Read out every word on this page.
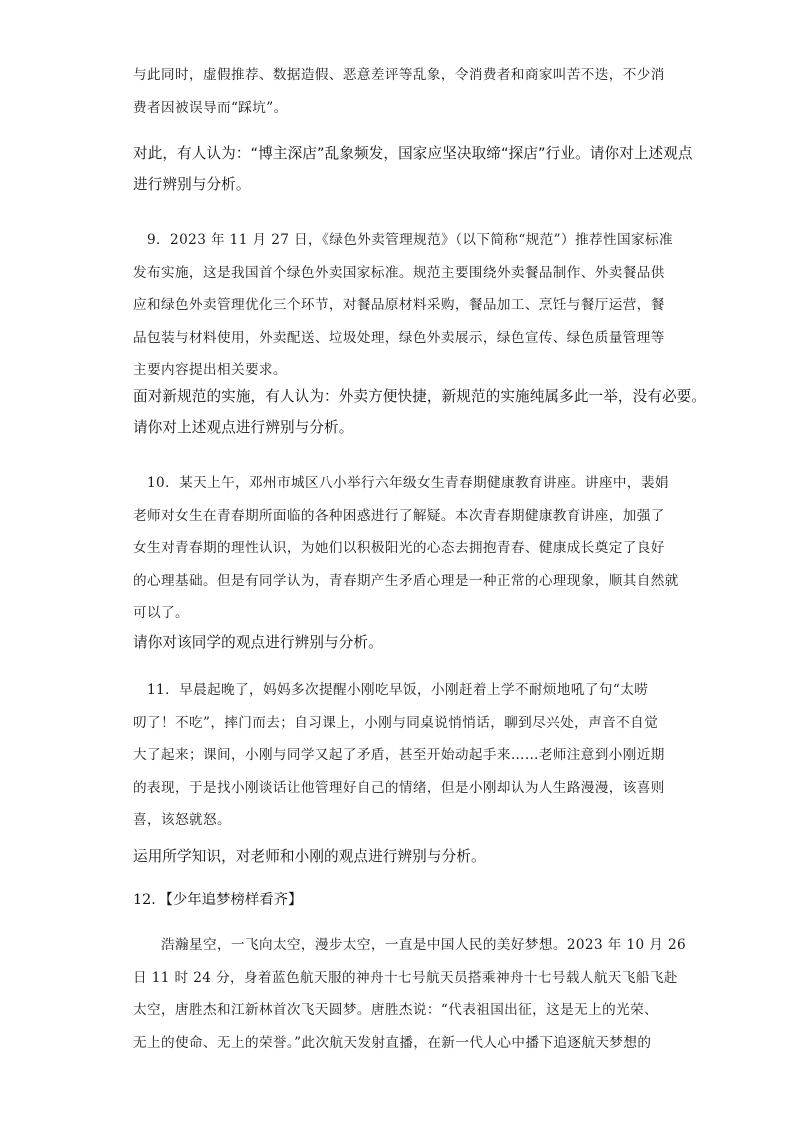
与此同时，虚假推荐、数据造假、恶意差评等乱象，令消费者和商家叫苦不迭，不少消
费者因被误导而“踩坑”。
对此，有人认为：“博主深店”乱象频发，国家应坚决取缔“探店”行业。请你对上述观点
进行辨别与分析。
9．2023 年 11 月 27 日，《绿色外卖管理规范》（以下简称“规范”）推荐性国家标准
发布实施，这是我国首个绿色外卖国家标准。规范主要围绕外卖餐品制作、外卖餐品供
应和绿色外卖管理优化三个环节，对餐品原材料采购，餐品加工、烹饪与餐厅运营，餐
品包装与材料使用，外卖配送、垃圾处理，绿色外卖展示，绿色宣传、绿色质量管理等
主要内容提出相关要求。
面对新规范的实施，有人认为：外卖方便快捷，新规范的实施纯属多此一举，没有必要。
请你对上述观点进行辨别与分析。
10．某天上午，邓州市城区八小举行六年级女生青春期健康教育讲座。讲座中，裴娟
老师对女生在青春期所面临的各种困惑进行了解疑。本次青春期健康教育讲座，加强了
女生对青春期的理性认识，为她们以积极阳光的心态去拥抱青春、健康成长奠定了良好
的心理基础。但是有同学认为，青春期产生矛盾心理是一种正常的心理现象，顺其自然就
可以了。
请你对该同学的观点进行辨别与分析。
11．早晨起晚了，妈妈多次提醒小刚吃早饭，小刚赶着上学不耐烦地吼了句“太唠
叨了！不吃”，摔门而去；自习课上，小刚与同桌说悄悄话，聊到尽兴处，声音不自觉
大了起来；课间，小刚与同学又起了矛盾，甚至开始动起手来……老师注意到小刚近期
的表现，于是找小刚谈话让他管理好自己的情绪，但是小刚却认为人生路漫漫，该喜则
喜，该怒就怒。
运用所学知识，对老师和小刚的观点进行辨别与分析。
12．【少年追梦榜样看齐】
浩瀚星空，一飞向太空，漫步太空，一直是中国人民的美好梦想。2023 年 10 月 26
日 11 时 24 分，身着蓝色航天服的神舟十七号航天员搭乘神舟十七号载人航天飞船飞赴
太空，唐胜杰和江新林首次飞天圆梦。唐胜杰说：“代表祖国出征，这是无上的光荣、
无上的使命、无上的荣誉。”此次航天发射直播，在新一代人心中播下追逐航天梦想的
